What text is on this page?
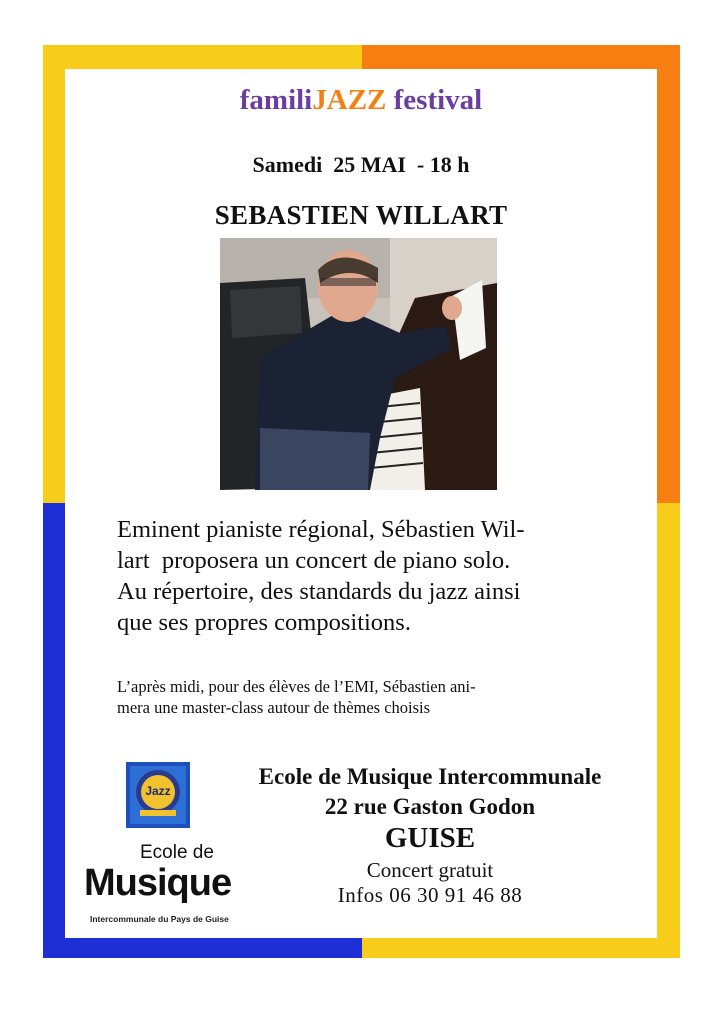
familiJAZZ festival
Samedi  25 MAI  - 18 h
SEBASTIEN WILLART

Eminent pianiste régional, Sébastien Wil-
lart  proposera un concert de piano solo.
Au répertoire, des standards du jazz ainsi
que ses propres compositions.

L’après midi, pour des élèves de l’EMI, Sébastien ani-
mera une master-class autour de thèmes choisis

Jazz
Ecole de
Musique
Intercommunale du Pays de Guise
Ecole de Musique Intercommunale
22 rue Gaston Godon
GUISE
Concert gratuit
Infos 06 30 91 46 88
